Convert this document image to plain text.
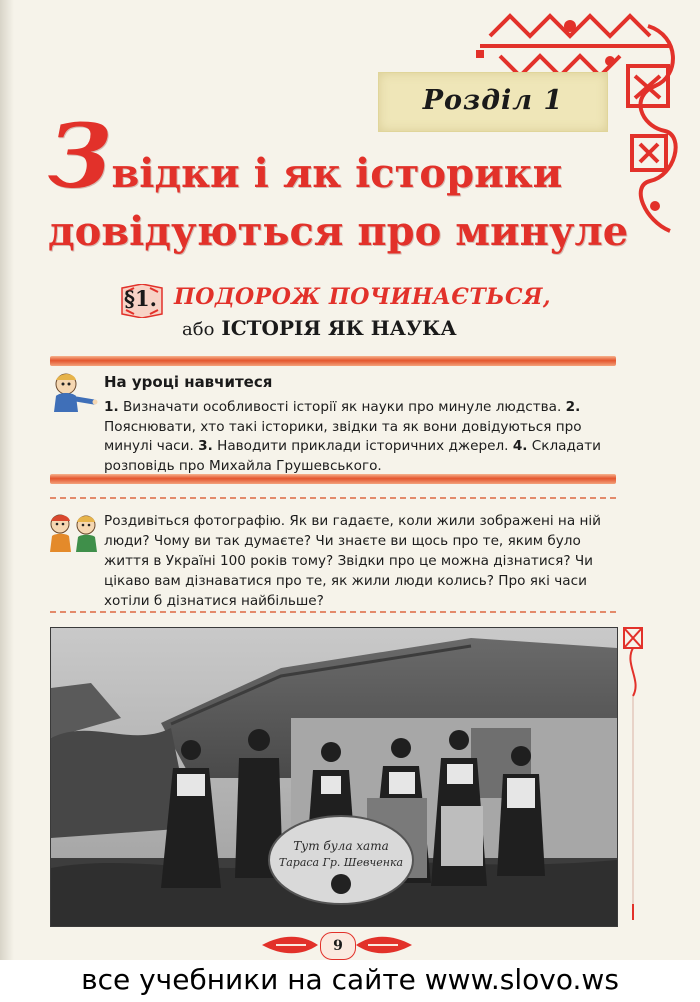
Розділ 1
Звідки і як історики
довідуються про минуле
§1. ПОДОРОЖ ПОЧИНАЄТЬСЯ,
або ІСТОРІЯ ЯК НАУКА
На уроці навчитеся
1. Визначати особливості історії як науки про минуле людства. 2. Пояснювати, хто такі історики, звідки та як вони довідуються про минулі часи. 3. Наводити приклади історичних джерел. 4. Складати розповідь про Михайла Грушевського.
Роздивіться фотографію. Як ви гадаєте, коли жили зображені на ній люди? Чому ви так думаєте? Чи знаєте ви щось про те, яким було життя в Україні 100 років тому? Звідки про це можна дізнатися? Чи цікаво вам дізнаватися про те, як жили люди колись? Про які часи хотіли б дізнатися найбільше?
Тут була хата
Тараса Гр. Шевченка
9
все учебники на сайте www.slovo.ws
